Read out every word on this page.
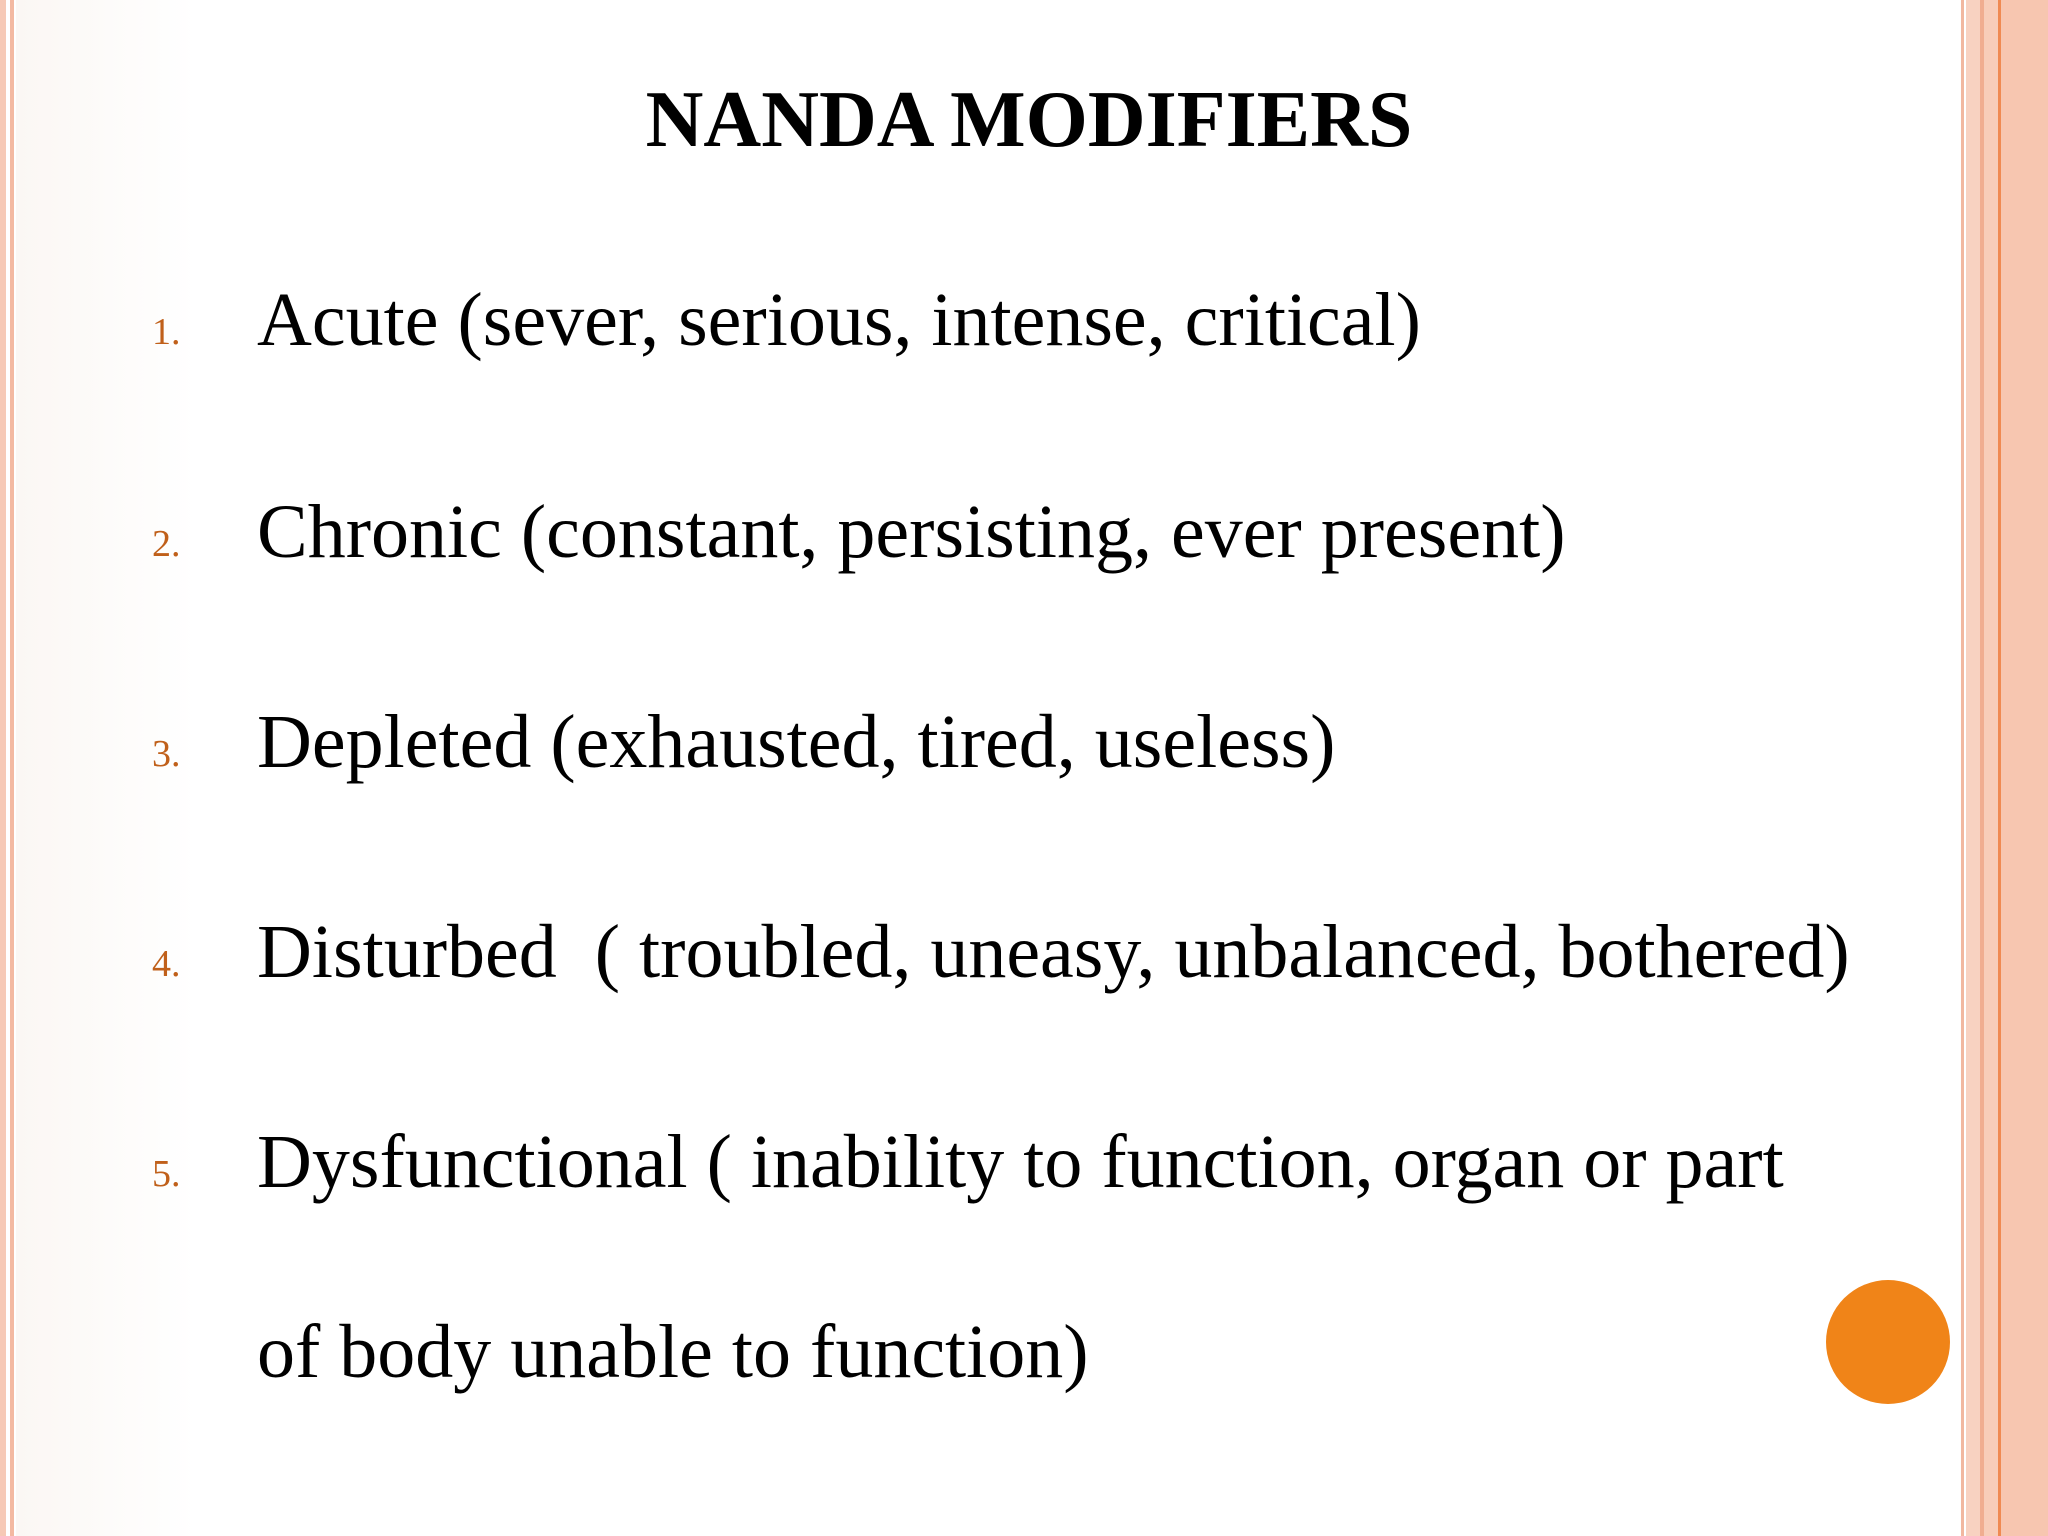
NANDA MODIFIERS
1. Acute (sever, serious, intense, critical)
2. Chronic (constant, persisting, ever present)
3. Depleted (exhausted, tired, useless)
4. Disturbed  ( troubled, uneasy, unbalanced, bothered)
5. Dysfunctional ( inability to function, organ or part
of body unable to function)
